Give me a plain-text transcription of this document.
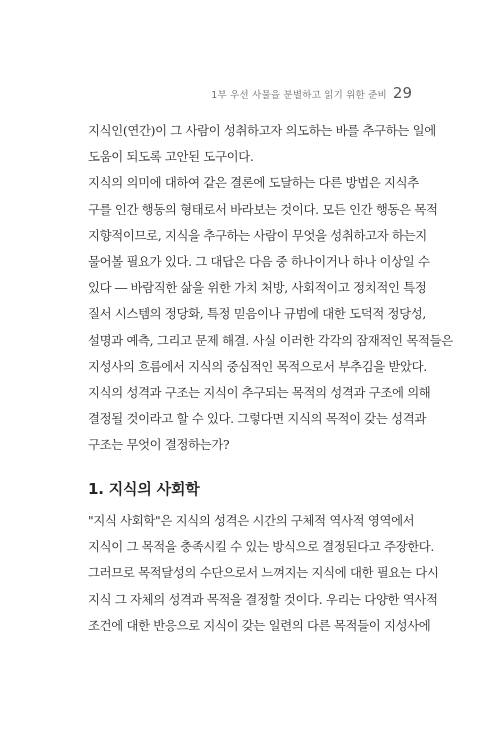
1부 우선 사물을 분별하고 읽기 위한 준비 29
지식인(연간)이 그 사람이 성취하고자 의도하는 바를 추구하는 일에
도움이 되도록 고안된 도구이다.
지식의 의미에 대하여 같은 결론에 도달하는 다른 방법은 지식추
구를 인간 행동의 형태로서 바라보는 것이다. 모든 인간 행동은 목적
지향적이므로, 지식을 추구하는 사람이 무엇을 성취하고자 하는지
물어볼 필요가 있다. 그 대답은 다음 중 하나이거나 하나 이상일 수
있다 ― 바람직한 삶을 위한 가치 처방, 사회적이고 정치적인 특정
질서 시스템의 정당화, 특정 믿음이나 규범에 대한 도덕적 정당성,
설명과 예측, 그리고 문제 해결. 사실 이러한 각각의 잠재적인 목적들은
지성사의 흐름에서 지식의 중심적인 목적으로서 부추김을 받았다.
지식의 성격과 구조는 지식이 추구되는 목적의 성격과 구조에 의해
결정될 것이라고 할 수 있다. 그렇다면 지식의 목적이 갖는 성격과
구조는 무엇이 결정하는가?
1. 지식의 사회학
"지식 사회학"은 지식의 성격은 시간의 구체적 역사적 영역에서
지식이 그 목적을 충족시킬 수 있는 방식으로 결정된다고 주장한다.
그러므로 목적달성의 수단으로서 느껴지는 지식에 대한 필요는 다시
지식 그 자체의 성격과 목적을 결정할 것이다. 우리는 다양한 역사적
조건에 대한 반응으로 지식이 갖는 일련의 다른 목적들이 지성사에
